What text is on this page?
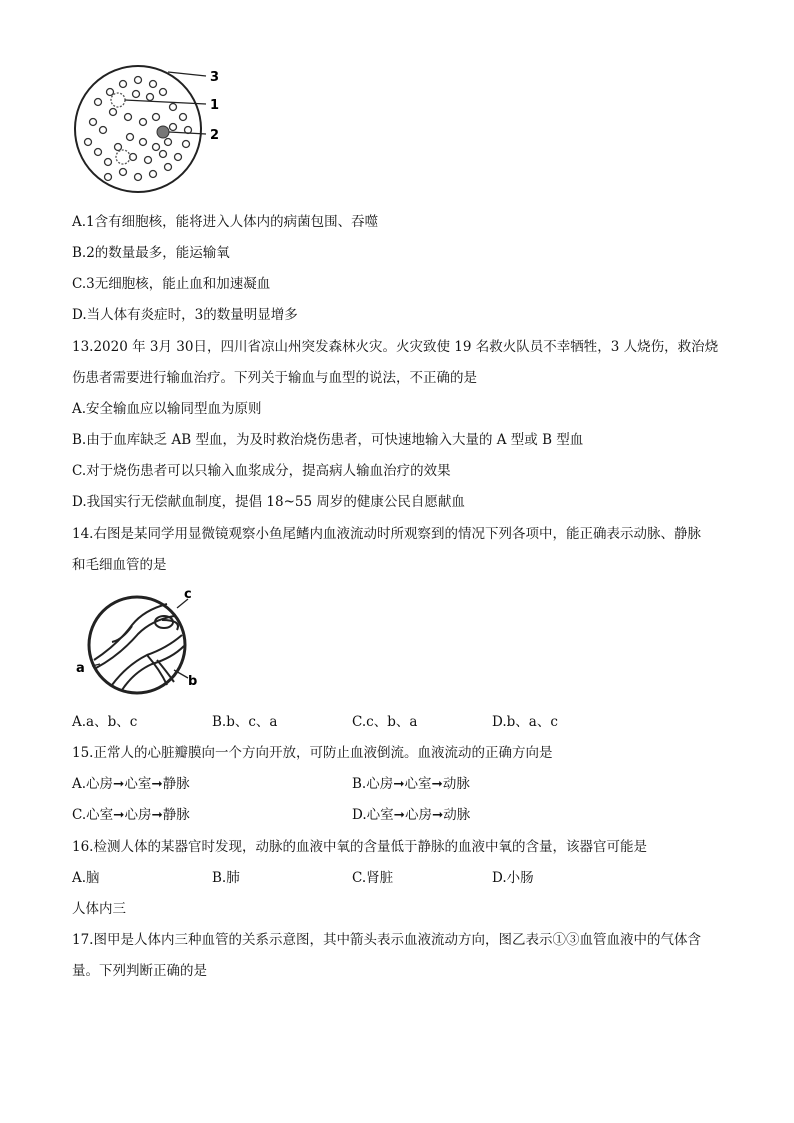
3
1
2
A.1含有细胞核，能将进入人体内的病菌包围、吞噬
B.2的数量最多，能运输氧
C.3无细胞核，能止血和加速凝血
D.当人体有炎症时，3的数量明显增多
13.2020 年 3月 30日，四川省凉山州突发森林火灾。火灾致使 19 名救火队员不幸牺牲，3 人烧伤，救治烧
伤患者需要进行输血治疗。下列关于输血与血型的说法，不正确的是
A.安全输血应以输同型血为原则
B.由于血库缺乏 AB 型血，为及时救治烧伤患者，可快速地输入大量的 A 型或 B 型血
C.对于烧伤患者可以只输入血浆成分，提高病人输血治疗的效果
D.我国实行无偿献血制度，提倡 18~55 周岁的健康公民自愿献血
14.右图是某同学用显微镜观察小鱼尾鳍内血液流动时所观察到的情况下列各项中，能正确表示动脉、静脉
和毛细血管的是
c
a
b
A.a、b、c	B.b、c、a	C.c、b、a	D.b、a、c
15.正常人的心脏瓣膜向一个方向开放，可防止血液倒流。血液流动的正确方向是
A.心房➞心室➞静脉	B.心房➞心室➞动脉
C.心室➞心房➞静脉	D.心室➞心房➞动脉
16.检测人体的某器官时发现，动脉的血液中氧的含量低于静脉的血液中氧的含量，该器官可能是
A.脑	B.肺	C.肾脏	D.小肠
人体内三
17.图甲是人体内三种血管的关系示意图，其中箭头表示血液流动方向，图乙表示①③血管血液中的气体含
量。下列判断正确的是
